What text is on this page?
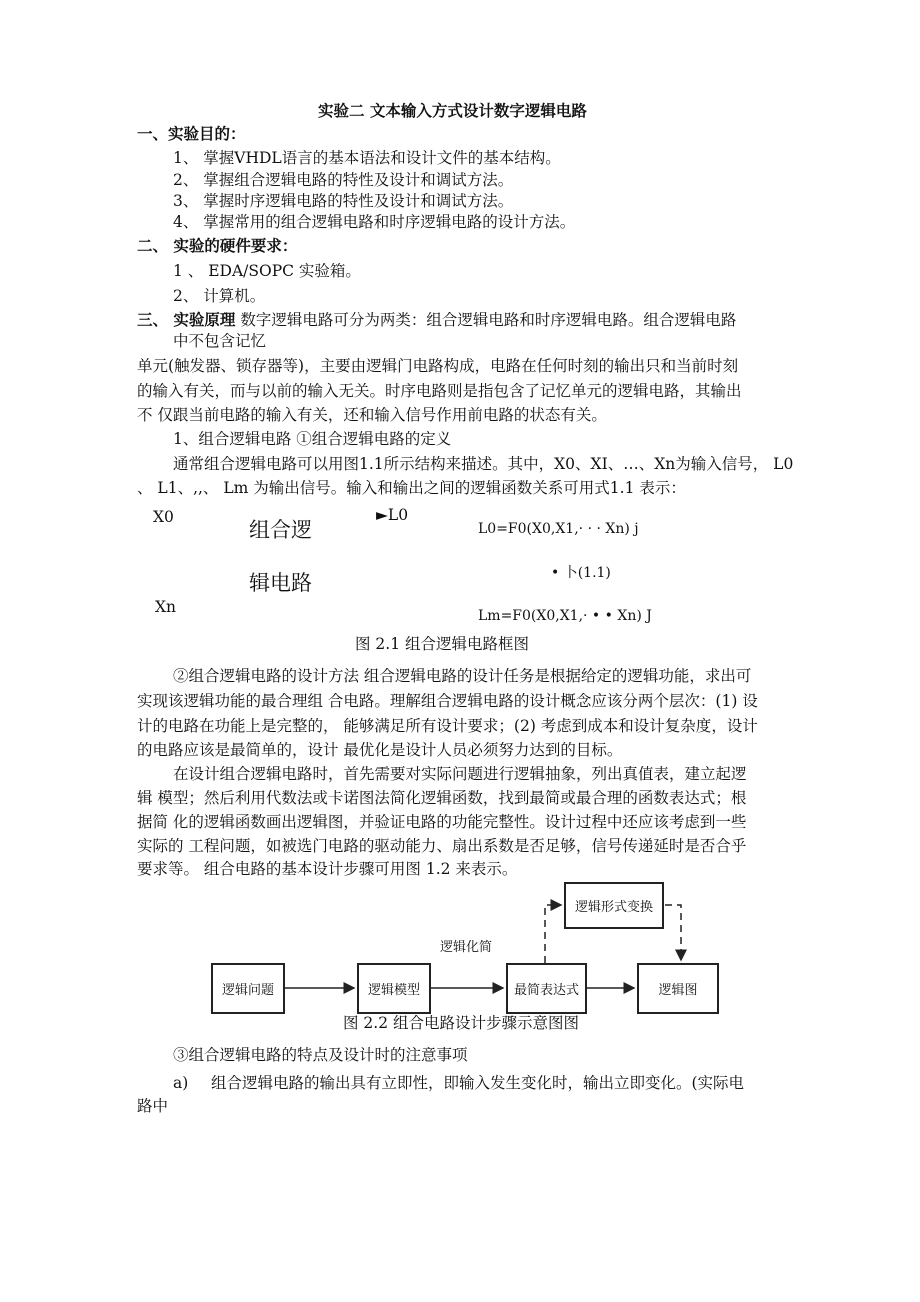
实验二 文本输入方式设计数字逻辑电路
一、实验目的：
1、 掌握VHDL语言的基本语法和设计文件的基本结构。
2、 掌握组合逻辑电路的特性及设计和调试方法。
3、 掌握时序逻辑电路的特性及设计和调试方法。
4、 掌握常用的组合逻辑电路和时序逻辑电路的设计方法。
二、 实验的硬件要求：
1 、 EDA/SOPC 实验箱。
2、 计算机。
三、 实验原理 数字逻辑电路可分为两类：组合逻辑电路和时序逻辑电路。组合逻辑电路
中不包含记忆
单元(触发器、锁存器等)，主要由逻辑门电路构成，电路在任何时刻的输出只和当前时刻
的输入有关，而与以前的输入无关。时序电路则是指包含了记忆单元的逻辑电路，其输出
不 仅跟当前电路的输入有关，还和输入信号作用前电路的状态有关。
1、组合逻辑电路 ①组合逻辑电路的定义
通常组合逻辑电路可以用图1.1所示结构来描述。其中，X0、XI、…、Xn为输入信号， L0
、 L1、,,、 Lm 为输出信号。输入和输出之间的逻辑函数关系可用式1.1 表示：
X0
Xn
组合逻
辑电路
►L0
L0=F0(X0,X1,· · · Xn) j
• 卜(1.1)
Lm=F0(X0,X1,· • • Xn) J
图 2.1 组合逻辑电路框图
②组合逻辑电路的设计方法 组合逻辑电路的设计任务是根据给定的逻辑功能，求出可
实现该逻辑功能的最合理组 合电路。理解组合逻辑电路的设计概念应该分两个层次：(1) 设
计的电路在功能上是完整的， 能够满足所有设计要求；(2) 考虑到成本和设计复杂度，设计
的电路应该是最简单的，设计 最优化是设计人员必须努力达到的目标。
在设计组合逻辑电路时，首先需要对实际问题进行逻辑抽象，列出真值表，建立起逻
辑 模型；然后利用代数法或卡诺图法简化逻辑函数，找到最简或最合理的函数表达式；根
据简 化的逻辑函数画出逻辑图，并验证电路的功能完整性。设计过程中还应该考虑到一些
实际的 工程问题，如被选门电路的驱动能力、扇出系数是否足够，信号传递延时是否合乎
要求等。 组合电路的基本设计步骤可用图 1.2 来表示。
逻辑问题	逻辑模型	最简表达式	逻辑图
逻辑形式变换
逻辑化简
图 2.2 组合电路设计步骤示意图图
③组合逻辑电路的特点及设计时的注意事项
a) 组合逻辑电路的输出具有立即性，即输入发生变化时，输出立即变化。(实际电
路中
